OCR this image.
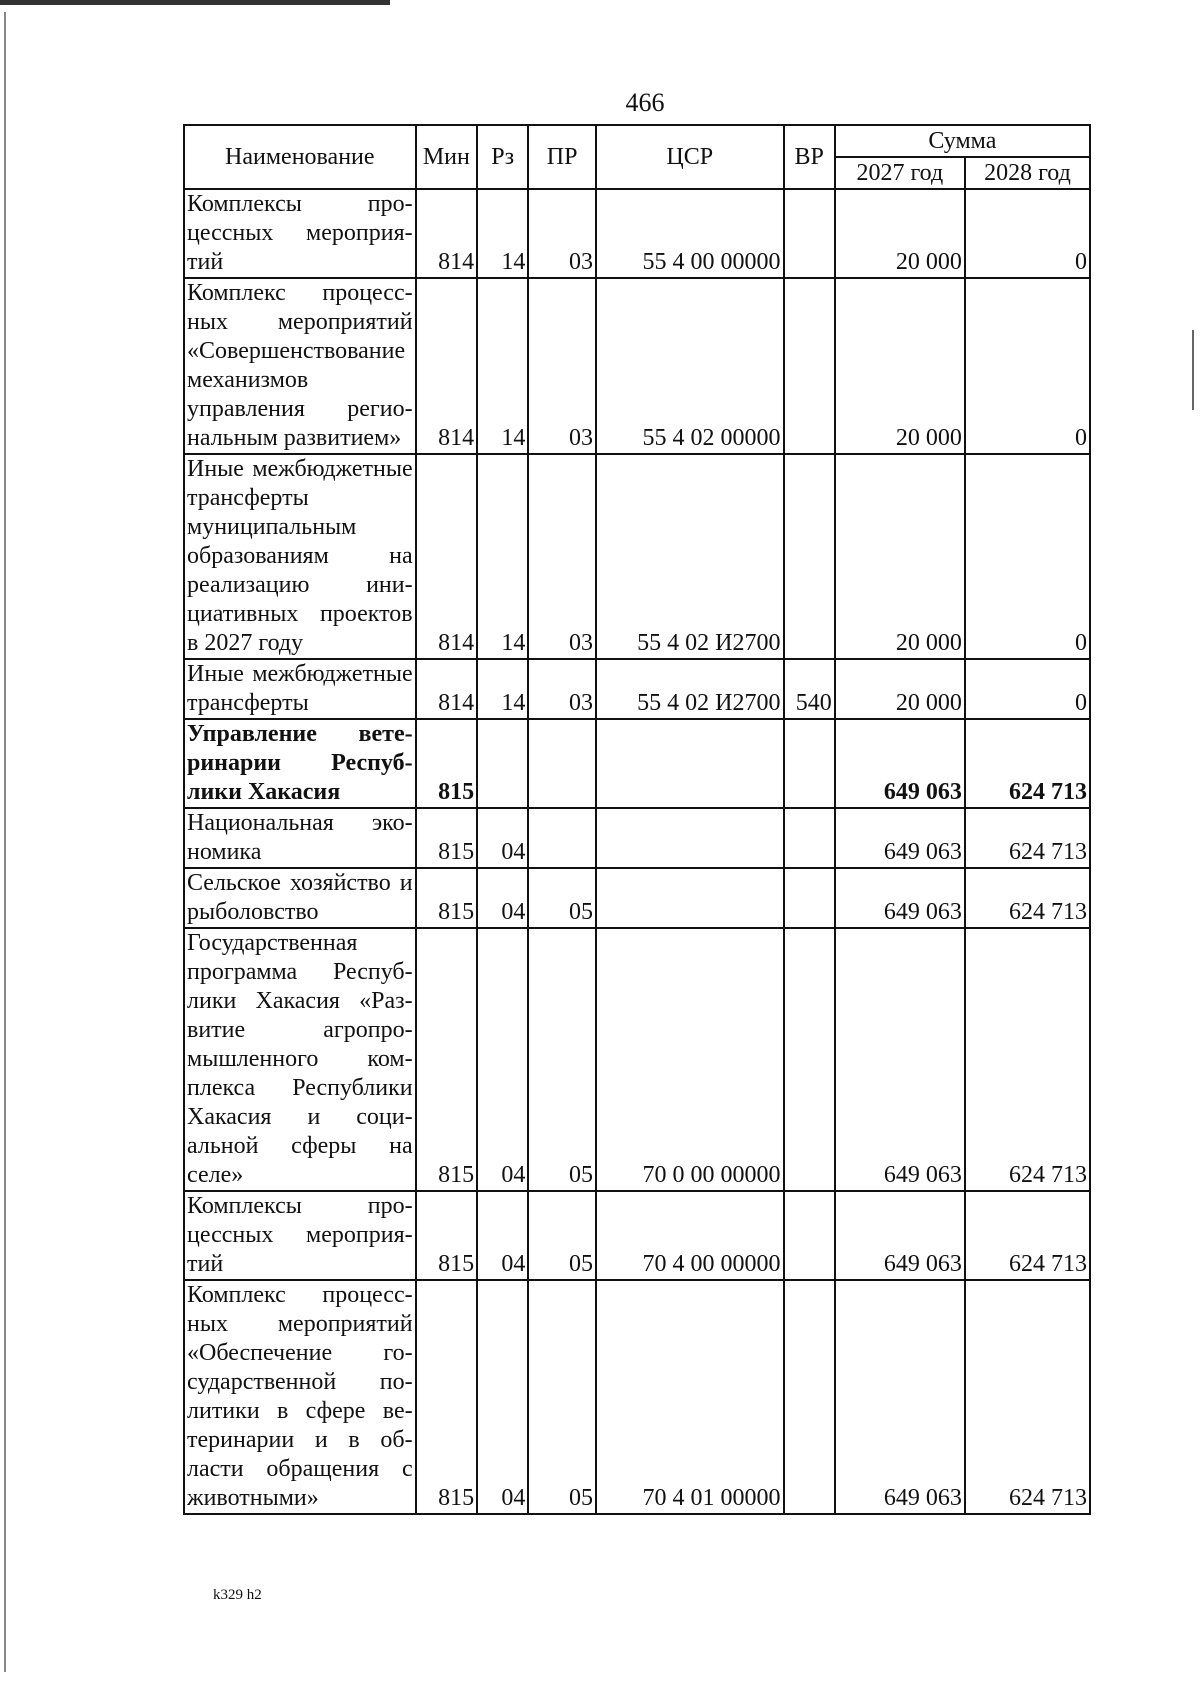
466
Наименование	Мин	Рз	ПР	ЦСР	ВР	Сумма	
						2027 год	2028 год
Комплексы процессных мероприятий	814	14	03	55 4 00 00000		20 000	0
Комплекс процессных мероприятий «Совершенствование механизмов управления региональным развитием»	814	14	03	55 4 02 00000		20 000	0
Иные межбюджетные трансферты муниципальным образованиям на реализацию инициативных проектов в 2027 году	814	14	03	55 4 02 И2700		20 000	0
Иные межбюджетные трансферты	814	14	03	55 4 02 И2700	540	20 000	0
Управление ветеринарии Республики Хакасия	815					649 063	624 713
Национальная экономика	815	04				649 063	624 713
Сельское хозяйство и рыболовство	815	04	05			649 063	624 713
Государственная программа Республики Хакасия «Развитие агропромышленного комплекса Республики Хакасия и социальной сферы на селе»	815	04	05	70 0 00 00000		649 063	624 713
Комплексы процессных мероприятий	815	04	05	70 4 00 00000		649 063	624 713
Комплекс процессных мероприятий «Обеспечение государственной политики в сфере ветеринарии и в области обращения с животными»	815	04	05	70 4 01 00000		649 063	624 713
k329 h2
